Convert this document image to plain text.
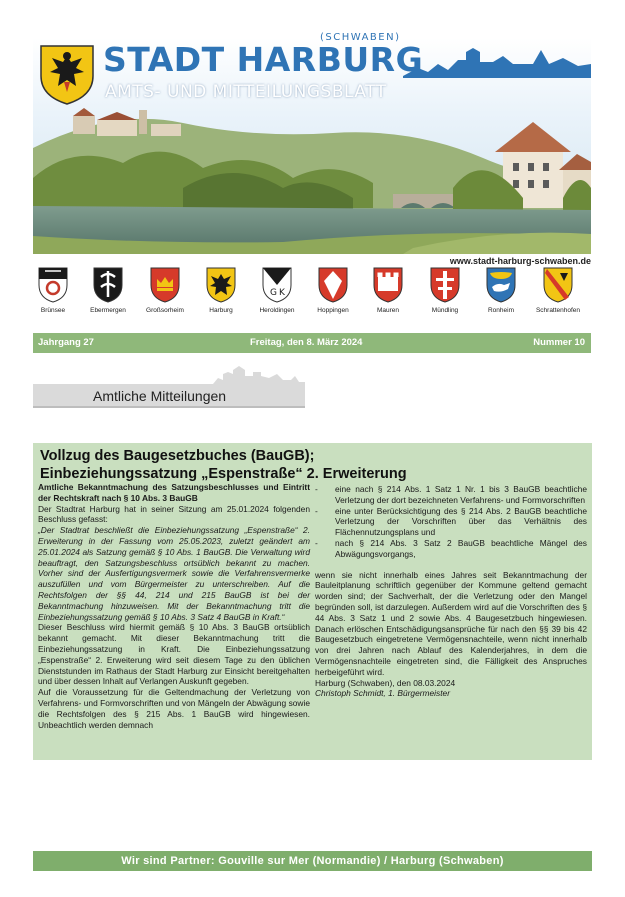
STADT HARBURG
(SCHWABEN)
AMTS- UND MITTEILUNGSBLATT
www.stadt-harburg-schwaben.de
Brünsee	Ebermergen	Großsorheim	Harburg
G K
Heroldingen	Hoppingen	Mauren	Mündling	Ronheim	Schrattenhofen
Jahrgang 27	Freitag, den 8. März 2024	Nummer 10
Amtliche Mitteilungen
Vollzug des Baugesetzbuches (BauGB);
Einbeziehungssatzung „Espenstraße“ 2. Erweiterung

Amtliche Bekanntmachung des Satzungsbeschlusses und Eintritt der Rechtskraft nach § 10 Abs. 3 BauGB

Der Stadtrat Harburg hat in seiner Sitzung am 25.01.2024 folgenden Beschluss gefasst:

„Der Stadtrat beschließt die Einbeziehungssatzung „Espenstraße“ 2. Erweiterung in der Fassung vom 25.05.2023, zuletzt geändert am 25.01.2024 als Satzung gemäß § 10 Abs. 1 BauGB. Die Verwaltung wird beauftragt, den Satzungsbeschluss ortsüblich bekannt zu machen. Vorher sind der Ausfertigungsvermerk sowie die Verfahrensvermerke auszufüllen und vom Bürgermeister zu unterschreiben. Auf die Rechtsfolgen der §§ 44, 214 und 215 BauGB ist bei der Bekanntmachung hinzuweisen. Mit der Bekanntmachung tritt die Einbeziehungssatzung gemäß § 10 Abs. 3 Satz 4 BauGB in Kraft.“

Dieser Beschluss wird hiermit gemäß § 10 Abs. 3 BauGB ortsüblich bekannt gemacht. Mit dieser Bekanntmachung tritt die Einbeziehungssatzung in Kraft. Die Einbeziehungssatzung „Espenstraße“ 2. Erweiterung wird seit diesem Tage zu den üblichen Dienststunden im Rathaus der Stadt Harburg zur Einsicht bereitgehalten und über dessen Inhalt auf Verlangen Auskunft gegeben.

Auf die Voraussetzung für die Geltendmachung der Verletzung von Verfahrens- und Formvorschriften und von Mängeln der Abwägung sowie die Rechtsfolgen des § 215 Abs. 1 BauGB wird hingewiesen. Unbeachtlich werden demnach

- eine nach § 214 Abs. 1 Satz 1 Nr. 1 bis 3 BauGB beachtliche Verletzung der dort bezeichneten Verfahrens- und Formvorschriften
- eine unter Berücksichtigung des § 214 Abs. 2 BauGB beachtliche Verletzung der Vorschriften über das Verhältnis des Flächennutzungsplans und
- nach § 214 Abs. 3 Satz 2 BauGB beachtliche Mängel des Abwägungsvorgangs,

wenn sie nicht innerhalb eines Jahres seit Bekanntmachung der Bauleitplanung schriftlich gegenüber der Kommune geltend gemacht worden sind; der Sachverhalt, der die Verletzung oder den Mangel begründen soll, ist darzulegen. Außerdem wird auf die Vorschriften des § 44 Abs. 3 Satz 1 und 2 sowie Abs. 4 Baugesetzbuch hingewiesen. Danach erlöschen Entschädigungsansprüche für nach den §§ 39 bis 42 Baugesetzbuch eingetretene Vermögensnachteile, wenn nicht innerhalb von drei Jahren nach Ablauf des Kalenderjahres, in dem die Vermögensnachteile eingetreten sind, die Fälligkeit des Anspruches herbeigeführt wird.

Harburg (Schwaben), den 08.03.2024

Christoph Schmidt, 1. Bürgermeister

Wir sind Partner: Gouville sur Mer (Normandie) / Harburg (Schwaben)
